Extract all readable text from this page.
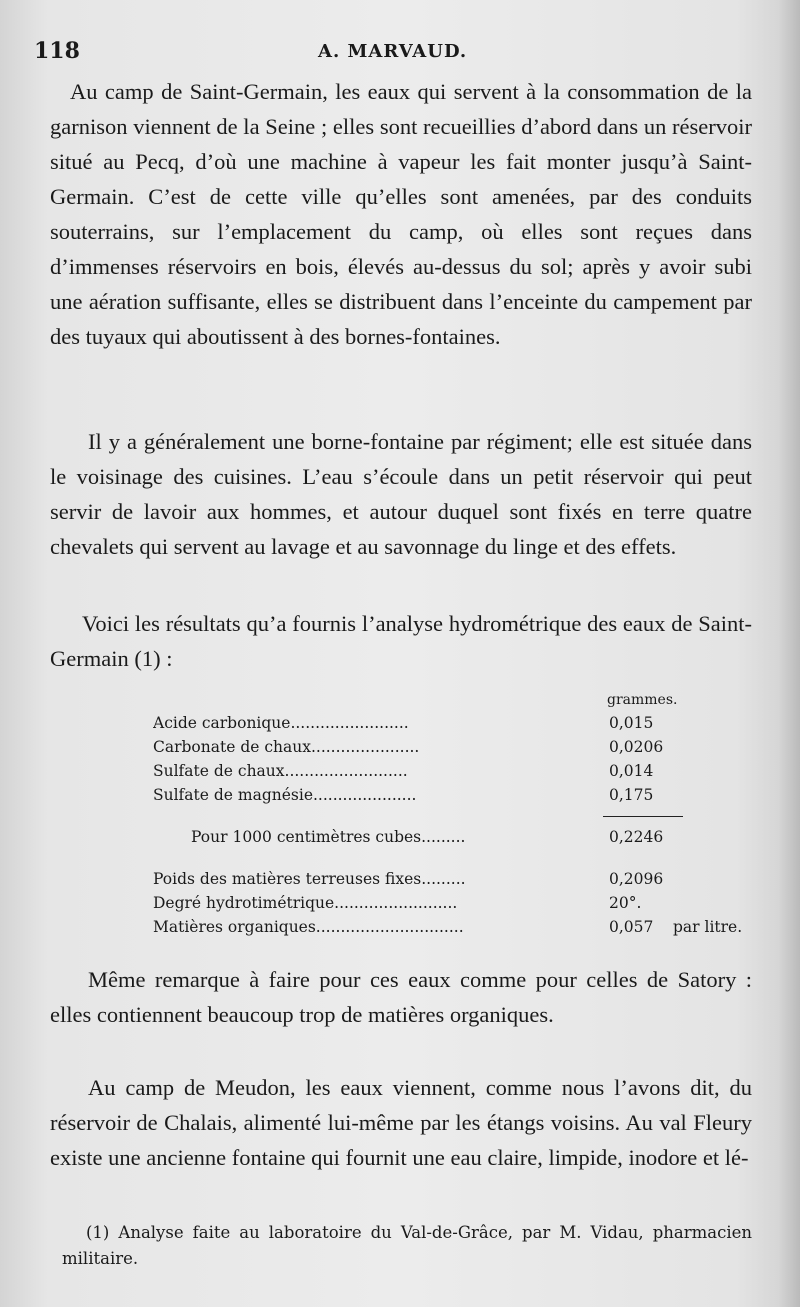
118	A. MARVAUD.
Au camp de Saint-Germain, les eaux qui servent à la consommation de la garnison viennent de la Seine ; elles sont recueillies d’abord dans un réservoir situé au Pecq, d’où une machine à vapeur les fait monter jusqu’à Saint-Germain. C’est de cette ville qu’elles sont amenées, par des conduits souterrains, sur l’emplacement du camp, où elles sont reçues dans d’immenses réservoirs en bois, élevés au-dessus du sol; après y avoir subi une aération suffisante, elles se distribuent dans l’enceinte du campement par des tuyaux qui aboutissent à des bornes-fontaines.
Il y a généralement une borne-fontaine par régiment; elle est située dans le voisinage des cuisines. L’eau s’écoule dans un petit réservoir qui peut servir de lavoir aux hommes, et autour duquel sont fixés en terre quatre chevalets qui servent au lavage et au savonnage du linge et des effets.
Voici les résultats qu’a fournis l’analyse hydrométrique des eaux de Saint-Germain (1) :
grammes.
Acide carbonique........................	0,015
Carbonate de chaux......................	0,0206
Sulfate de chaux.........................	0,014
Sulfate de magnésie.....................	0,175
Pour 1000 centimètres cubes.........	0,2246
Poids des matières terreuses fixes.........	0,2096
Degré hydrotimétrique.........................	20°.
Matières organiques..............................	0,057 par litre.
Même remarque à faire pour ces eaux comme pour celles de Satory : elles contiennent beaucoup trop de matières organiques.
Au camp de Meudon, les eaux viennent, comme nous l’avons dit, du réservoir de Chalais, alimenté lui-même par les étangs voisins. Au val Fleury existe une ancienne fontaine qui fournit une eau claire, limpide, inodore et lé-
(1) Analyse faite au laboratoire du Val-de-Grâce, par M. Vidau, pharmacien militaire.
